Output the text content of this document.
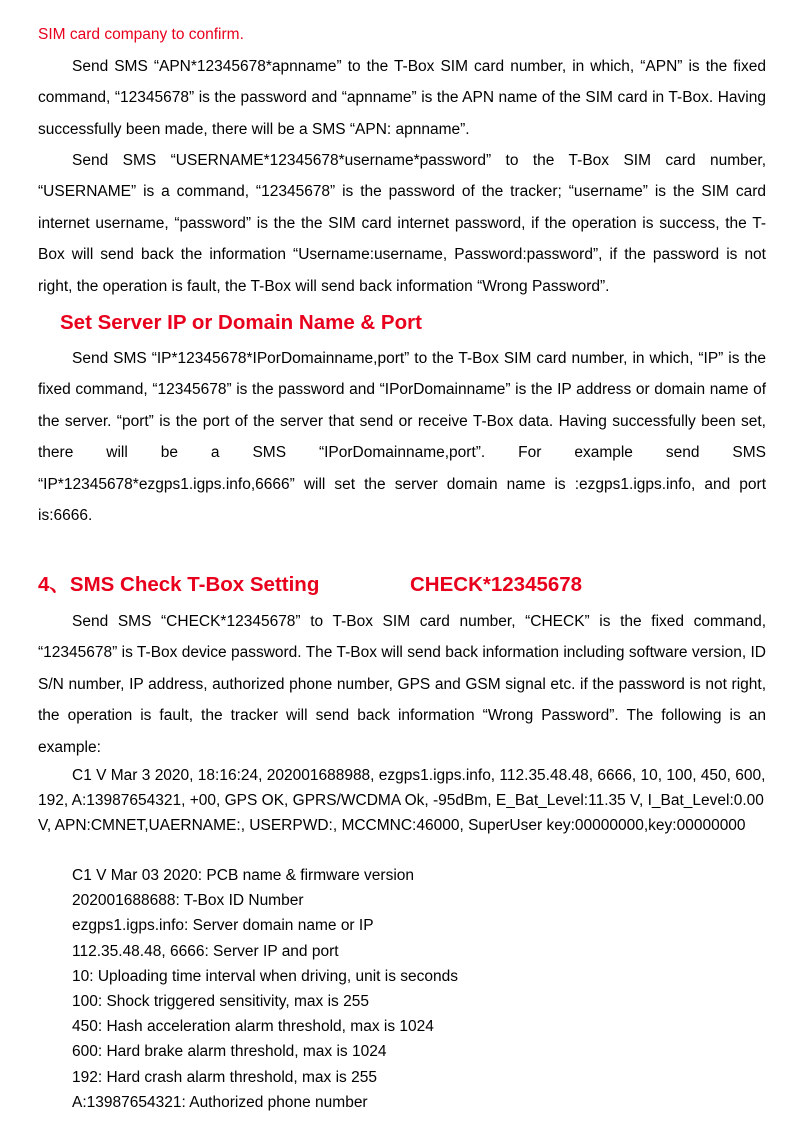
SIM card company to confirm.

Send SMS “APN*12345678*apnname” to the T-Box SIM card number, in which, “APN” is the fixed command, “12345678” is the password and “apnname” is the APN name of the SIM card in T-Box. Having successfully been made, there will be a SMS “APN: apnname”.

Send SMS “USERNAME*12345678*username*password” to the T-Box SIM card number, “USERNAME” is a command, “12345678” is the password of the tracker; “username” is the SIM card internet username, “password” is the the SIM card internet password, if the operation is success, the T-Box will send back the information “Username:username, Password:password”, if the password is not right, the operation is fault, the T-Box will send back information “Wrong Password”.

Set Server IP or Domain Name & Port

Send SMS “IP*12345678*IPorDomainname,port” to the T-Box SIM card number, in which, “IP” is the fixed command, “12345678” is the password and “IPorDomainname” is the IP address or domain name of the server. “port” is the port of the server that send or receive T-Box data. Having successfully been set, there will be a SMS “IPorDomainname,port”. For example send SMS “IP*12345678*ezgps1.igps.info,6666” will set the server domain name is :ezgps1.igps.info, and port is:6666.

4、SMS Check T-Box Setting	CHECK*12345678

Send SMS “CHECK*12345678” to T-Box SIM card number, “CHECK” is the fixed command, “12345678” is T-Box device password. The T-Box will send back information including software version, ID S/N number, IP address, authorized phone number, GPS and GSM signal etc. if the password is not right, the operation is fault, the tracker will send back information “Wrong Password”. The following is an example:

C1 V Mar 3 2020, 18:16:24, 202001688988, ezgps1.igps.info, 112.35.48.48, 6666, 10, 100, 450, 600, 192, A:13987654321, +00, GPS OK, GPRS/WCDMA Ok, -95dBm, E_Bat_Level:11.35 V, I_Bat_Level:0.00 V, APN:CMNET,UAERNAME:, USERPWD:, MCCMNC:46000, SuperUser key:00000000,key:00000000

C1 V Mar 03 2020: PCB name & firmware version
202001688688: T-Box ID Number
ezgps1.igps.info: Server domain name or IP
112.35.48.48, 6666: Server IP and port
10: Uploading time interval when driving, unit is seconds
100: Shock triggered sensitivity, max is 255
450: Hash acceleration alarm threshold, max is 1024
600: Hard brake alarm threshold, max is 1024
192: Hard crash alarm threshold, max is 255
A:13987654321: Authorized phone number
